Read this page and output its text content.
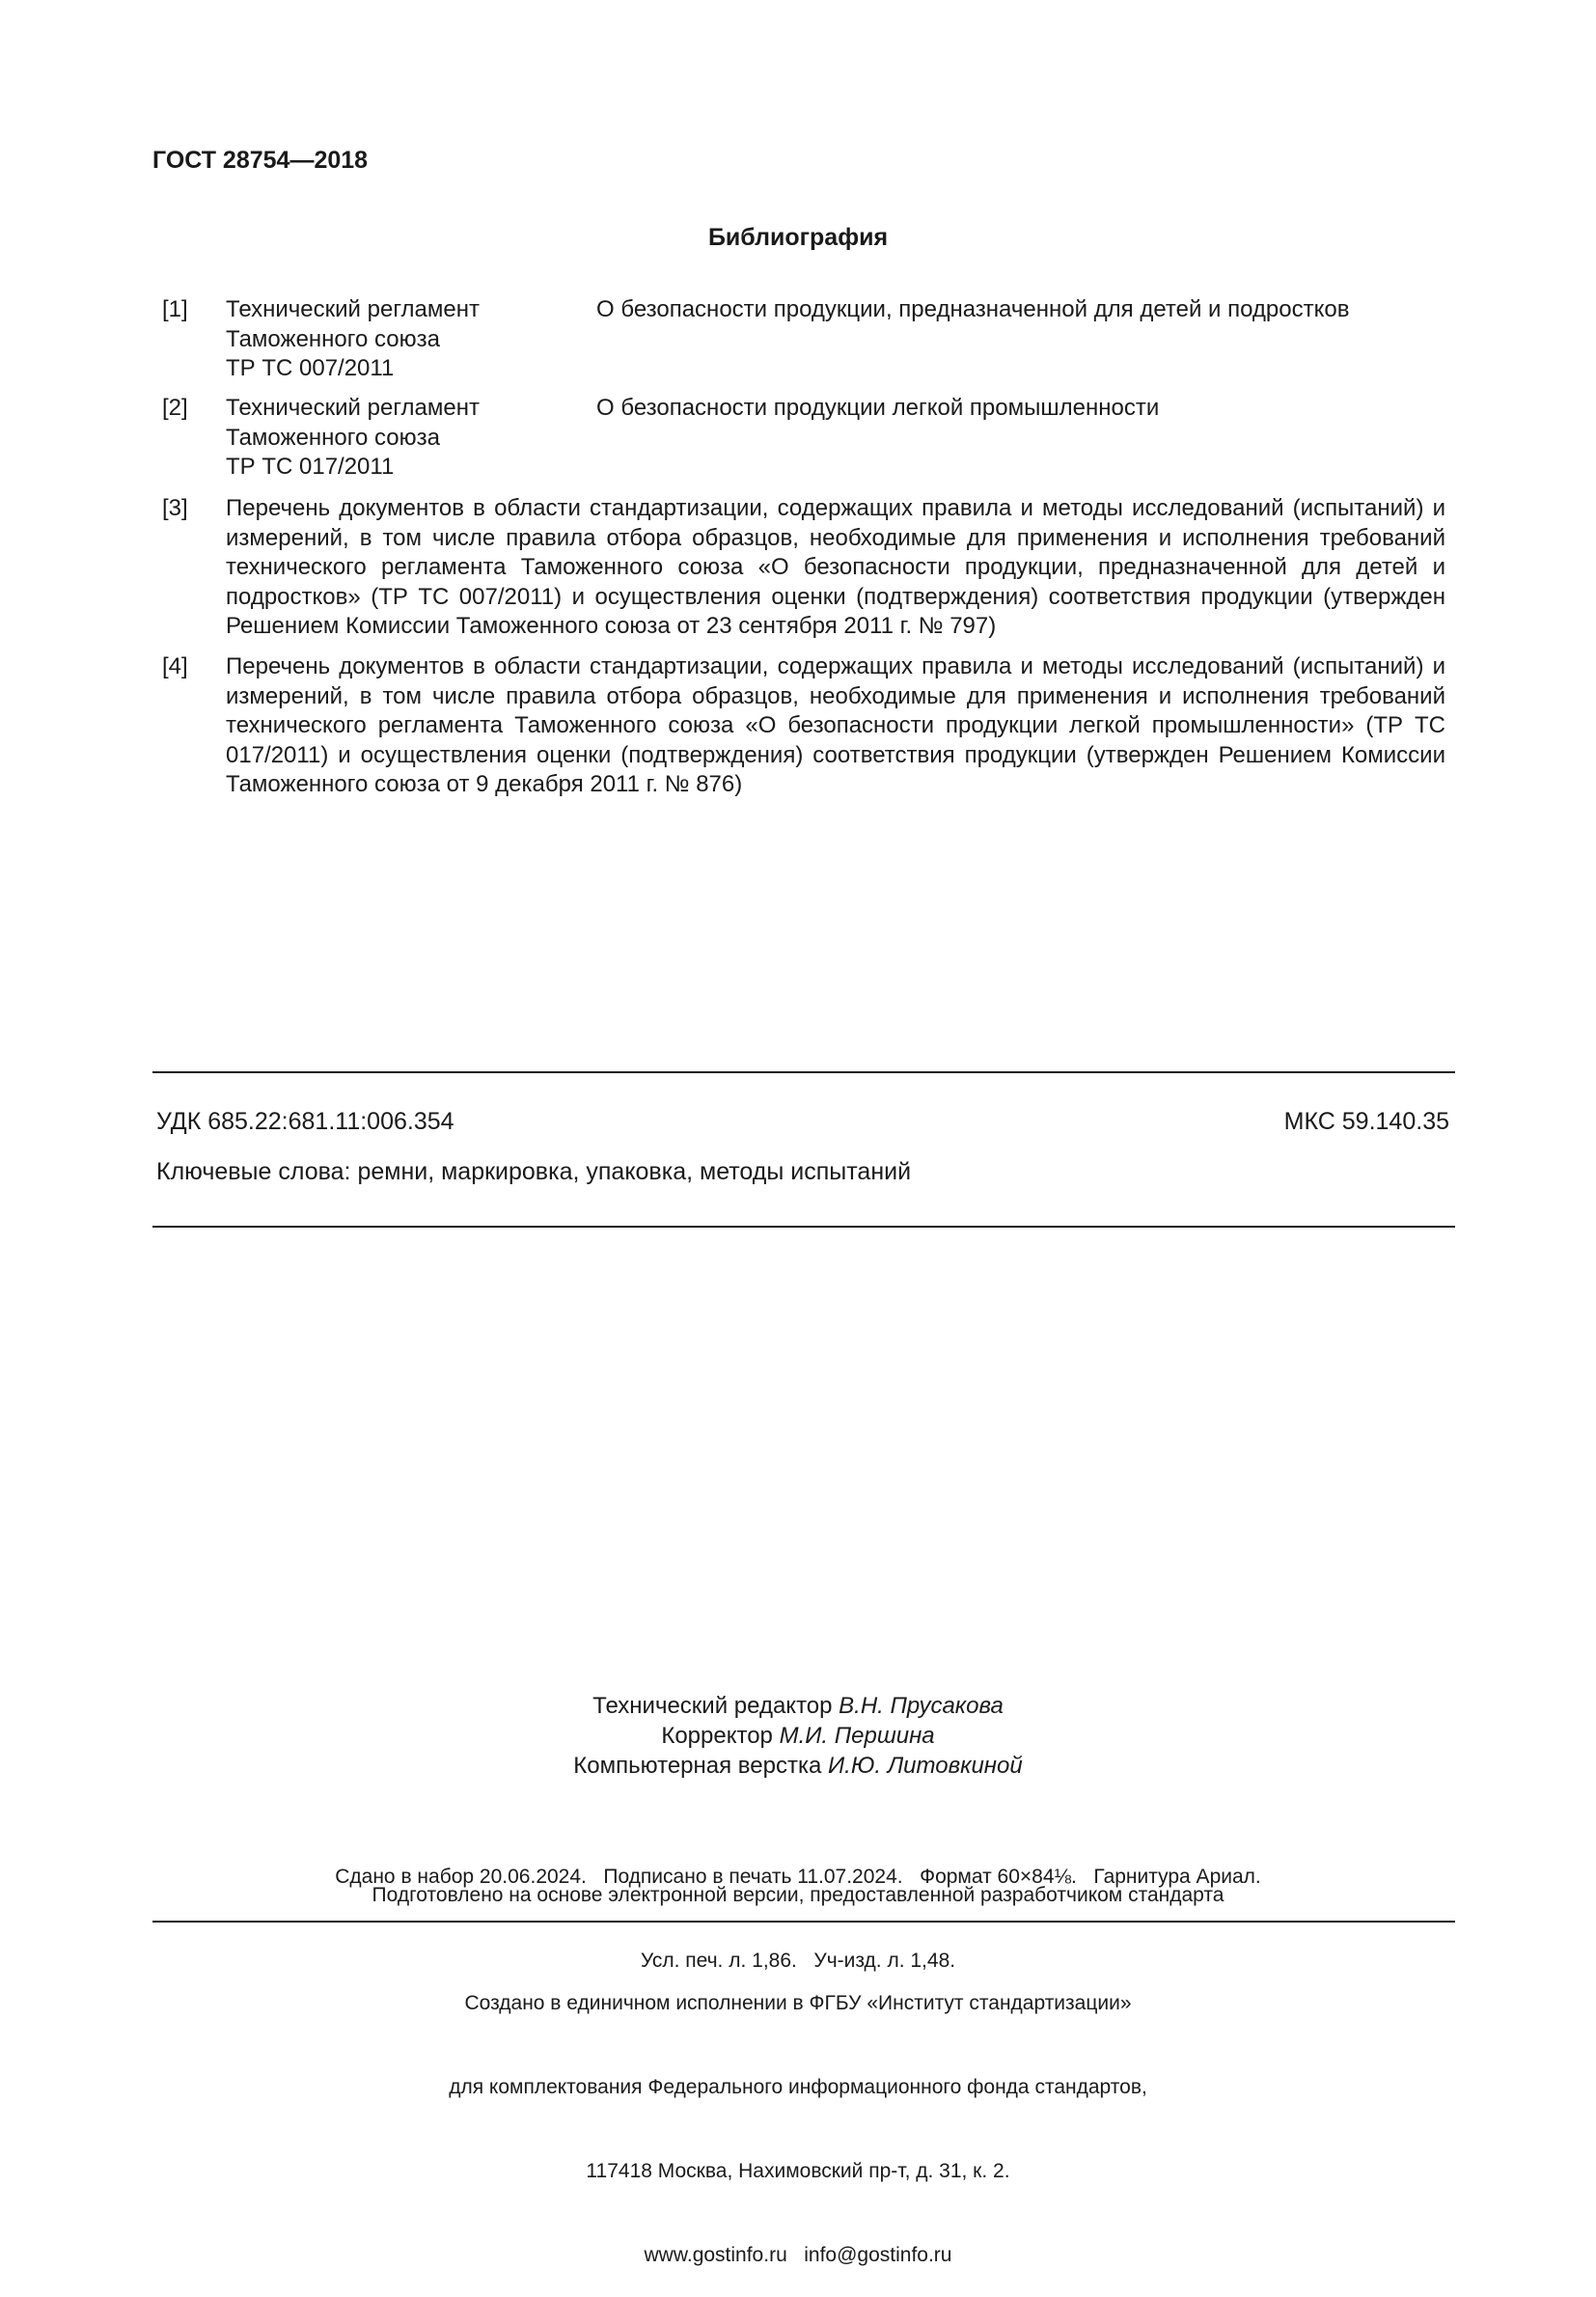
ГОСТ 28754—2018
Библиография
[1] Технический регламент
Таможенного союза
ТР ТС 007/2011
О безопасности продукции, предназначенной для детей и подростков
[2] Технический регламент
Таможенного союза
ТР ТС 017/2011
О безопасности продукции легкой промышленности
[3] Перечень документов в области стандартизации, содержащих правила и методы исследований (испытаний) и измерений, в том числе правила отбора образцов, необходимые для применения и исполнения требований технического регламента Таможенного союза «О безопасности продукции, предназначенной для детей и подростков» (ТР ТС 007/2011) и осуществления оценки (подтверждения) соответствия продукции (утвержден Решением Комиссии Таможенного союза от 23 сентября 2011 г. № 797)
[4] Перечень документов в области стандартизации, содержащих правила и методы исследований (испытаний) и измерений, в том числе правила отбора образцов, необходимые для применения и исполнения требований технического регламента Таможенного союза «О безопасности продукции легкой промышленности» (ТР ТС 017/2011) и осуществления оценки (подтверждения) соответствия продукции (утвержден Решением Комиссии Таможенного союза от 9 декабря 2011 г. № 876)
УДК 685.22:681.11:006.354	МКС 59.140.35
Ключевые слова: ремни, маркировка, упаковка, методы испытаний
Технический редактор В.Н. Прусакова
Корректор М.И. Першина
Компьютерная верстка И.Ю. Литовкиной

Сдано в набор 20.06.2024.   Подписано в печать 11.07.2024.   Формат 60×84⅛.   Гарнитура Ариал.

Усл. печ. л. 1,86.   Уч-изд. л. 1,48.

Подготовлено на основе электронной версии, предоставленной разработчиком стандарта

Создано в единичном исполнении в ФГБУ «Институт стандартизации»

для комплектования Федерального информационного фонда стандартов,

117418 Москва, Нахимовский пр-т, д. 31, к. 2.

www.gostinfo.ru   info@gostinfo.ru
